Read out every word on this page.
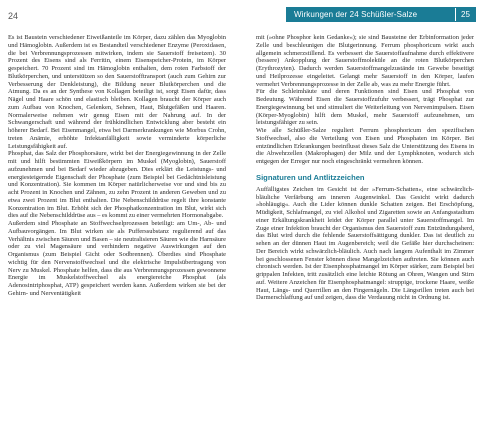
24	Wirkungen der 24 Schüßler-Salze	25

Es ist Baustein verschiedener Eiweißanteile im Körper, dazu zählen das Myoglobin und Hämoglobin. Außerdem ist es Bestandteil verschiedener Enzyme (Peroxidasen, die bei Verbrennungsprozessen mitwirken, indem sie Sauerstoff freisetzen). 30 Prozent des Eisens sind als Ferritin, einem Eisenspeicher-Protein, im Körper gespeichert. 70 Prozent sind im Hämoglobin enthalten, dem roten Farbstoff der Blutkörperchen, und unterstützen so den Sauerstofftransport (auch zum Gehirn zur Verbesserung der Denkleistung), die Bildung neuer Blutkörperchen und die Atmung. Da es an der Synthese von Kollagen beteiligt ist, sorgt Eisen dafür, dass Nägel und Haare schön und elastisch bleiben. Kollagen braucht der Körper auch zum Aufbau von Knochen, Gelenken, Sehnen, Haut, Blutgefäßen und Haaren. Normalerweise nehmen wir genug Eisen mit der Nahrung auf. In der Schwangerschaft und während der frühkindlichen Entwicklung aber besteht ein höherer Bedarf. Bei Eisenmangel, etwa bei Darmerkrankungen wie Morbus Crohn, treten Anämie, erhöhte Infektanfälligkeit sowie verminderte körperliche Leistungsfähigkeit auf.

Phosphat, das Salz der Phosphorsäure, wirkt bei der Energiegewinnung in der Zelle mit und hilft bestimmten Eiweißkörpern im Muskel (Myoglobin), Sauerstoff aufzunehmen und bei Bedarf wieder abzugeben. Dies erklärt die Leistungs- und energiesteigernde Eigenschaft der Phosphate (zum Beispiel bei Gedächtnisleistung und Konzentration). Sie kommen im Körper natürlicherweise vor und sind bis zu acht Prozent in Knochen und Zähnen, zu zehn Prozent in anderen Geweben und zu etwa zwei Prozent im Blut enthalten. Die Nebenschilddrüse regelt ihre konstante Konzentration im Blut. Erhöht sich der Phosphatkonzentration im Blut, wirkt sich dies auf die Nebenschilddrüse aus – es kommt zu einer vermehrten Hormonabgabe.

Außerdem sind Phosphate an Stoffwechselprozessen beteiligt: am Um-, Ab- und Aufbauvorgängen. Im Blut wirken sie als Pufferssubstanz regulierend auf das Verhältnis zwischen Säuren und Basen – sie neutralisieren Säuren wie die Harnsäure oder zu viel Magensäure und verhindern negative Auswirkungen auf den Organismus (zum Beispiel Gicht oder Sodbrennen). Überdies sind Phosphate wichtig für den Nervenstoffwechsel und die elektrische Impulsübertragung von Nerv zu Muskel. Phosphate helfen, dass die aus Verbrennungsprozessen gewonnene Energie im Muskelstoffwechsel als energiereiche Phosphat (als Adenosintriphosphat, ATP) gespeichert werden kann. Außerdem wirken sie bei der Gehirn- und Nerventätigkeit

mit (»ohne Phosphor kein Gedanke«); sie sind Bausteine der Erbinformation jeder Zelle und beschleunigen die Blutgerinnung. Ferrum phosphoricum wirkt auch allgemein schmerzstillend. Es verbessert die Sauerstoffaufnahme durch effektivere (bessere) Ankopplung der Sauerstoffmoleküle an die roten Blutkörperchen (Erythrozyten). Dadurch werden Sauerstoffmangelzustände im Gewebe beseitigt und Heilprozesse eingeleitet. Gelangt mehr Sauerstoff in den Körper, laufen vermehrt Verbrennungsprozesse in der Zelle ab, was zu mehr Energie führt.

Für die Schleimhäute und deren Funktionen sind Eisen und Phosphat von Bedeutung. Während Eisen die Sauerstoffzufuhr verbessert, trägt Phosphat zur Energiegewinnung bei und stimuliert die Weiterleitung von Nervenimpulsen. Eisen (Körper-Myoglobin) hilft dem Muskel, mehr Sauerstoff aufzunehmen, um leistungsfähiger zu sein.

Wie alle Schüßler-Salze reguliert Ferrum phosphoricum den spezifischen Stoffwechsel, also die Verteilung von Eisen und Phosphaten im Körper. Bei entzündlichen Erkrankungen beeinflusst dieses Salz die Unterstützung des Eisens in die Abwehrzellen (Makrophagen) der Milz und der Lymphknoten, wodurch sich entgegen der Erreger nur noch eingeschränkt vermehren können.

Signaturen und Antlitzzeichen

Auffälligstes Zeichen im Gesicht ist der »Ferrum-Schatten«, eine schwärzlich-bläuliche Verfärbung am inneren Augenwinkel. Das Gesicht wirkt dadurch »hohläugig«. Auch die Lider können dunkle Schatten zeigen. Bei Erschöpfung, Müdigkeit, Schlafmangel, zu viel Alkohol und Zigaretten sowie an Anfangsstadium einer Erkältungskrankheit leidet der Körper parallel unter Sauerstoffmangel. Im Zuge einer Infektion braucht der Organismus den Sauerstoff zum Entzündungsherd, das Blut wird durch die fehlende Sauerstoffsättigung dunkler. Das ist deutlich zu sehen an der dünnen Haut im Augenbereich; weil die Gefäße hier durchscheinen: Der Bereich wirkt schwärzlich-bläulich. Auch nach langem Aufenthalt im Zimmer bei geschlossenen Fenster können diese Mangelzeichen auftreten. Sie können auch chronisch werden. Ist der Eisenphosphatmangel im Körper stärker, zum Beispiel bei grippalen Infekten, tritt zusätzlich eine leichte Rötung an Ohren, Wangen und Stirn auf. Weitere Anzeichen für Eisenphosphatmangel: struppige, trockene Haare, weiße Haut, Längs- und Querrillen an den Fingernägeln. Die Längsrillen treten auch bei Darmerschlaffung auf und zeigen, dass die Verdauung nicht in Ordnung ist.
